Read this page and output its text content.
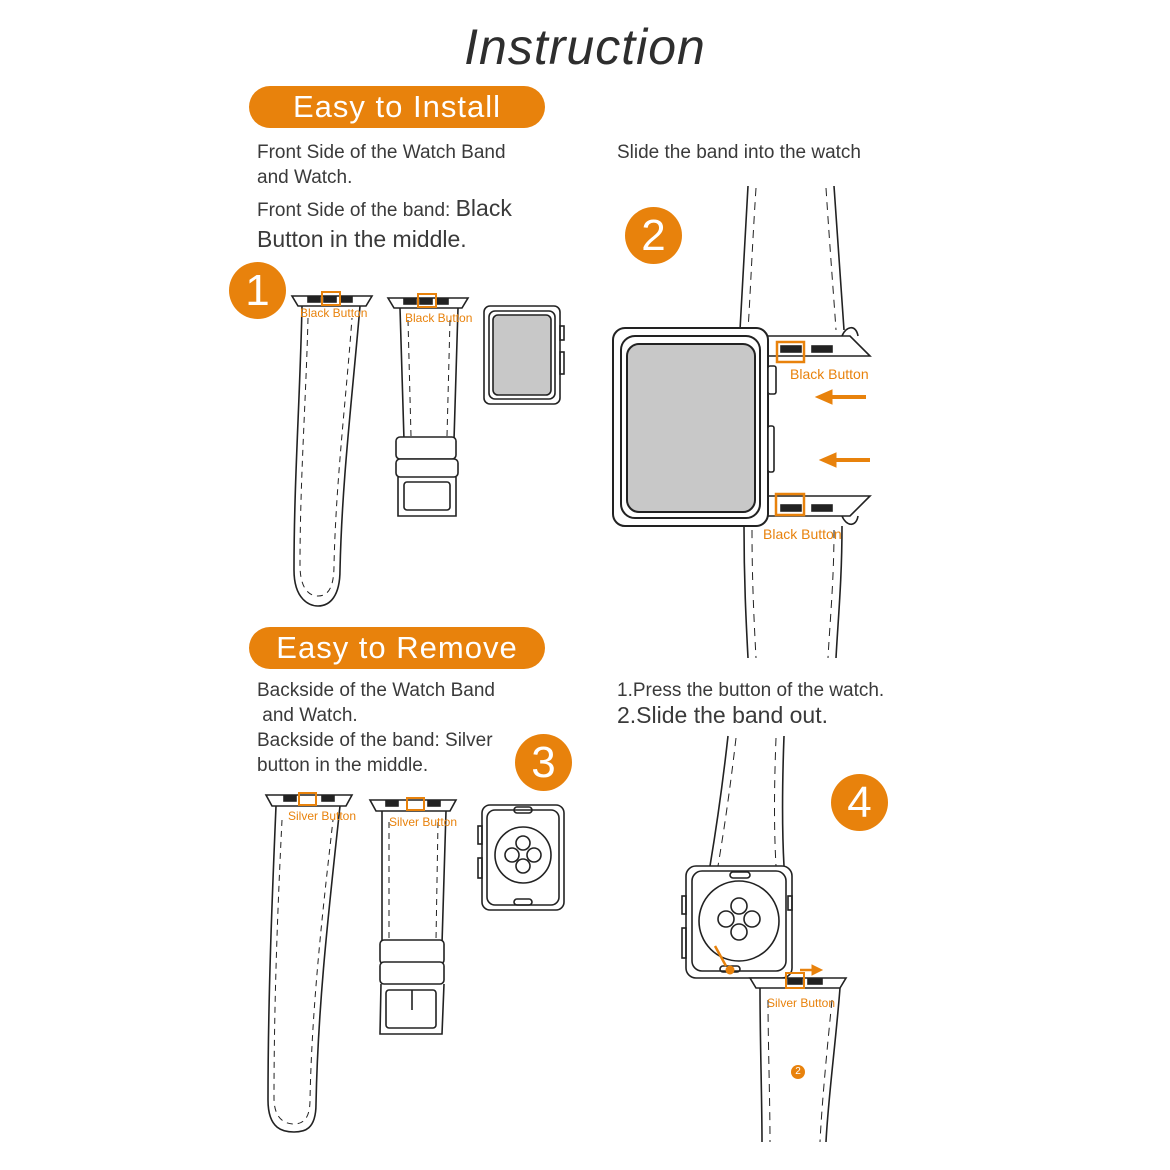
Instruction
Easy to Install
Front Side of the Watch Band
and Watch.
Front Side of the band: Black
Button in the middle.
Slide the band into the watch
Easy to Remove
Backside of the Watch Band
and Watch.
Backside of the band: Silver
button in the middle.
1.Press the button of the watch.
2.Slide the band out.
1
2
3
4
2
Black Button	Black Button
Black Button
Black Button
Silver Button	Silver Button
Silver Button
